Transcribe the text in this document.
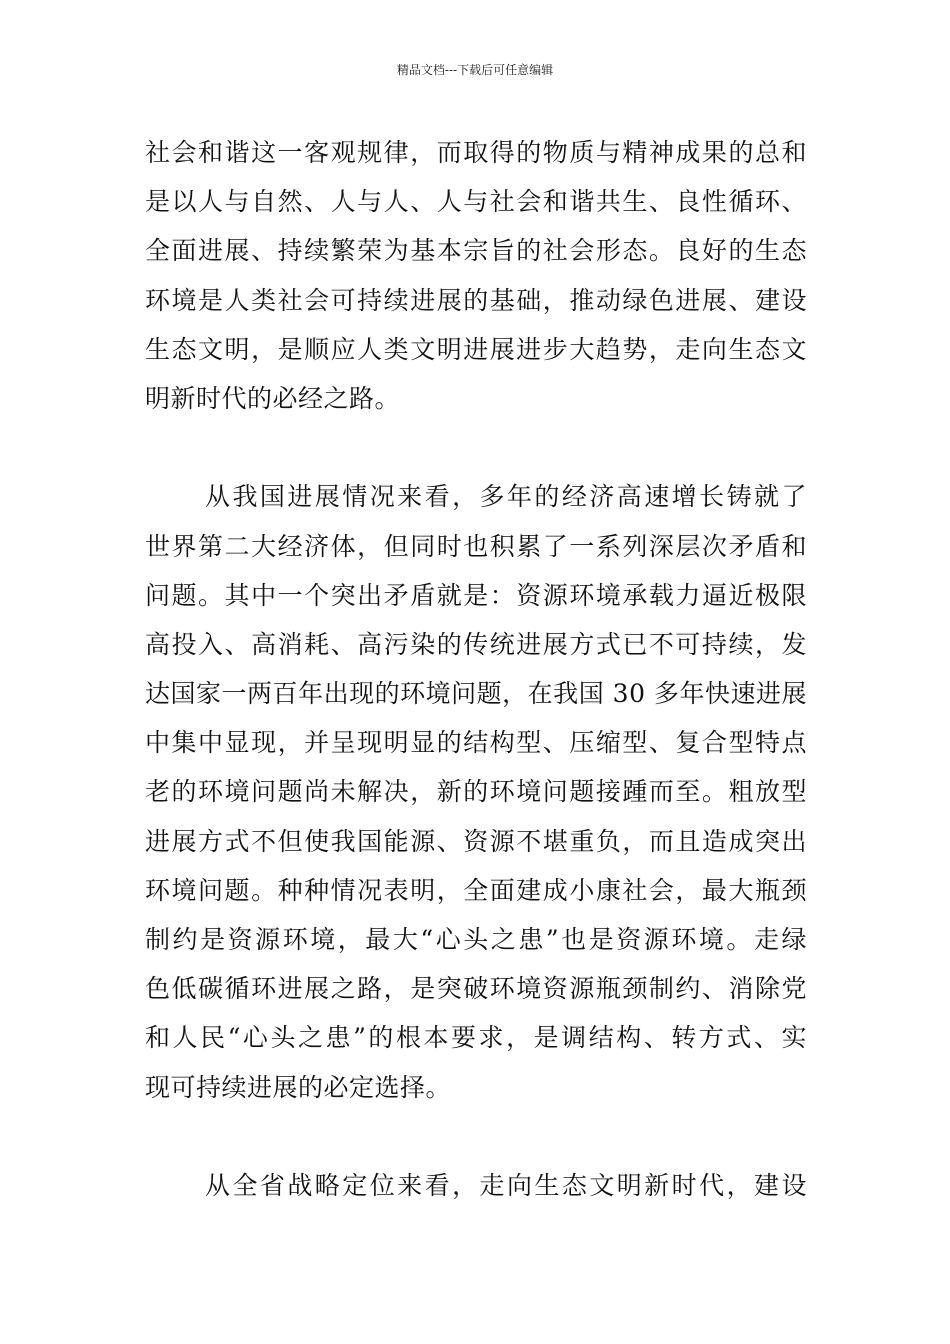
精品文档---下载后可任意编辑
社会和谐这一客观规律，而取得的物质与精神成果的总和
是以人与自然、人与人、人与社会和谐共生、良性循环、
全面进展、持续繁荣为基本宗旨的社会形态。良好的生态
环境是人类社会可持续进展的基础，推动绿色进展、建设
生态文明，是顺应人类文明进展进步大趋势，走向生态文
明新时代的必经之路。
从我国进展情况来看，多年的经济高速增长铸就了
世界第二大经济体，但同时也积累了一系列深层次矛盾和
问题。其中一个突出矛盾就是：资源环境承载力逼近极限
高投入、高消耗、高污染的传统进展方式已不可持续，发
达国家一两百年出现的环境问题，在我国 30 多年快速进展
中集中显现，并呈现明显的结构型、压缩型、复合型特点
老的环境问题尚未解决，新的环境问题接踵而至。粗放型
进展方式不但使我国能源、资源不堪重负，而且造成突出
环境问题。种种情况表明，全面建成小康社会，最大瓶颈
制约是资源环境，最大“心头之患”也是资源环境。走绿
色低碳循环进展之路，是突破环境资源瓶颈制约、消除党
和人民“心头之患”的根本要求，是调结构、转方式、实
现可持续进展的必定选择。
从全省战略定位来看，走向生态文明新时代，建设
